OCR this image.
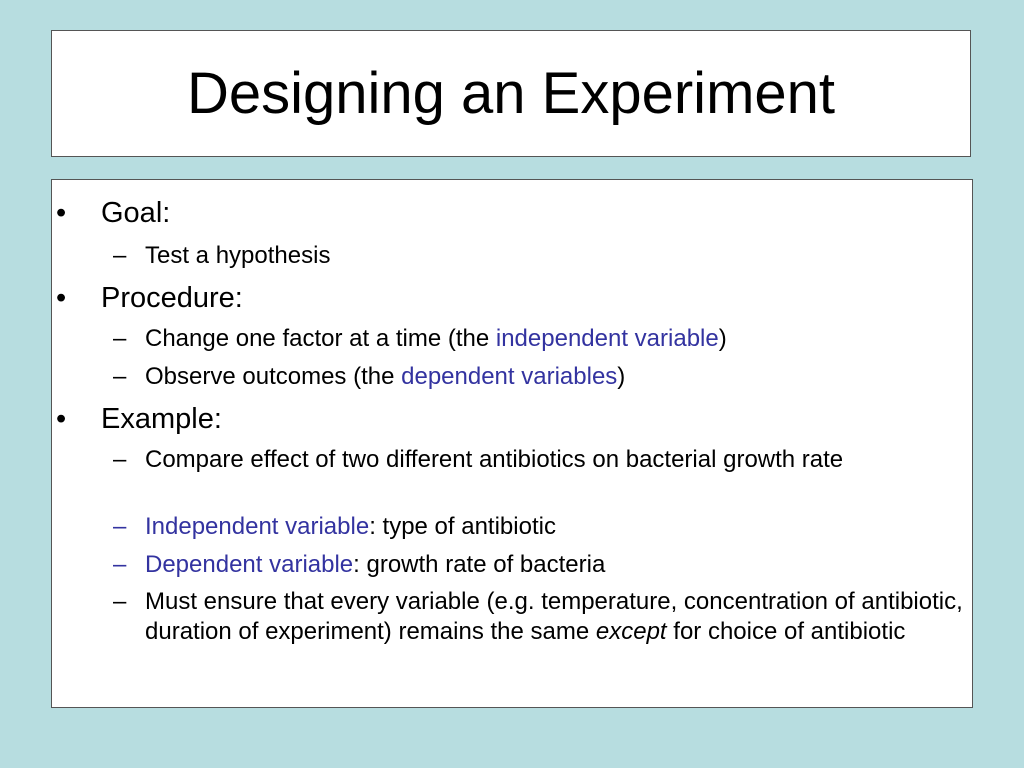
Designing an Experiment
•	Goal:
– Test a hypothesis
•	Procedure:
– Change one factor at a time (the independent variable)
– Observe outcomes (the dependent variables)
•	Example:
– Compare effect of two different antibiotics on bacterial growth rate
– Independent variable: type of antibiotic
– Dependent variable: growth rate of bacteria
– Must ensure that every variable (e.g. temperature, concentration of antibiotic, duration of experiment) remains the same except for choice of antibiotic
